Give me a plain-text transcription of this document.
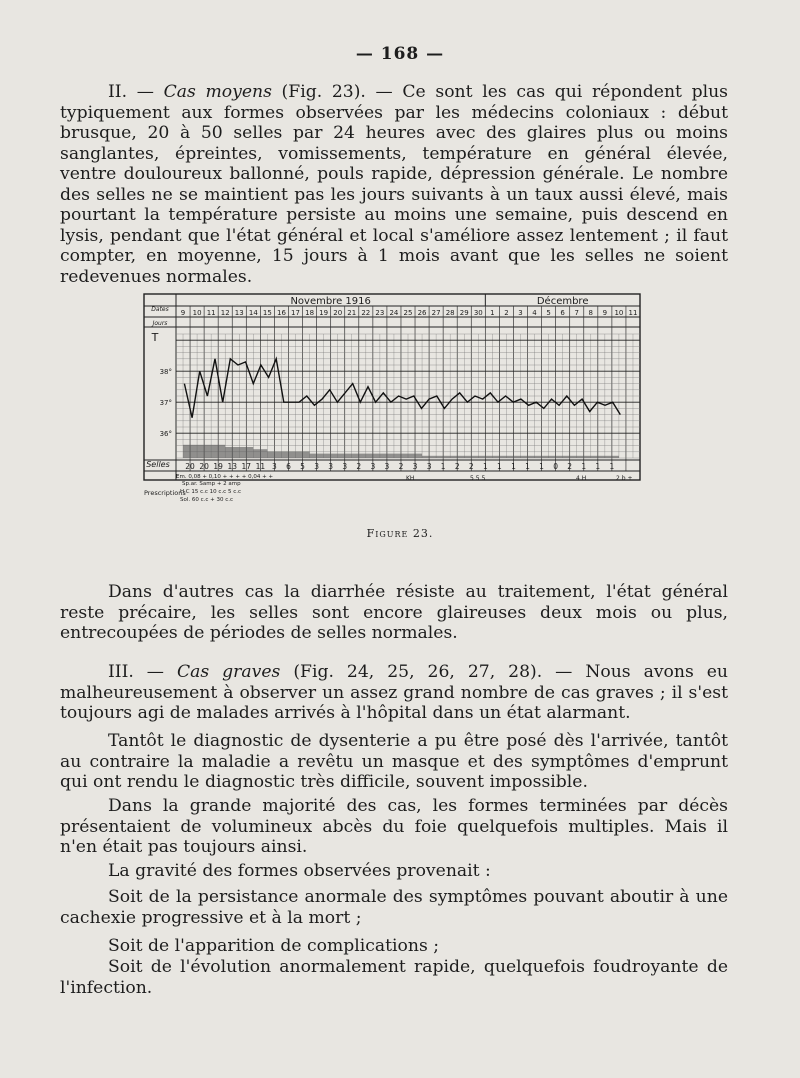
— 168 —

II. — Cas moyens (Fig. 23). — Ce sont les cas qui répondent plus typiquement aux formes observées par les médecins coloniaux : début brusque, 20 à 50 selles par 24 heures avec des glaires plus ou moins sanglantes, épreintes, vomissements, température en général élevée, ventre douloureux ballonné, pouls rapide, dépression générale. Le nombre des selles ne se maintient pas les jours suivants à un taux aussi élevé, mais pourtant la température persiste au moins une semaine, puis descend en lysis, pendant que l'état général et local s'améliore assez lentement ; il faut compter, en moyenne, 15 jours à 1 mois avant que les selles ne soient redevenues normales.

Novembre 1916	Décembre
Dates
Jours
T
Selles
9 10 11 12 13 14 15 16 17 18 19 20 21 22 23 24 25 26 27 28 29 30 1 2 3 4 5 6 7 8 9 10 11
38°
37°
36°
20 20 19 13 17 11 3 6 5 3 3 3 2 3 3 2 3 3 1 2 2 1 1 1 1 1 0 2 1 1 1
Prescriptions
Em. 0,08 + 0,10 + + + + 0,04 + +
Sp.ar. Samp + 2 amp
H.C 15 c.c 10 c.c 5 c.c
Sol. 60 c.c + 30 c.c
KH	5 5 5	4 H	2 b +
Figure 23.

Dans d'autres cas la diarrhée résiste au traitement, l'état général reste précaire, les selles sont encore glaireuses deux mois ou plus, entrecoupées de périodes de selles normales.

III. — Cas graves (Fig. 24, 25, 26, 27, 28). — Nous avons eu malheureusement à observer un assez grand nombre de cas graves ; il s'est toujours agi de malades arrivés à l'hôpital dans un état alarmant.

Tantôt le diagnostic de dysenterie a pu être posé dès l'arrivée, tantôt au contraire la maladie a revêtu un masque et des symptômes d'emprunt qui ont rendu le diagnostic très difficile, souvent impossible.

Dans la grande majorité des cas, les formes terminées par décès présentaient de volumineux abcès du foie quelquefois multiples. Mais il n'en était pas toujours ainsi.

La gravité des formes observées provenait :

Soit de la persistance anormale des symptômes pouvant aboutir à une cachexie progressive et à la mort ;

Soit de l'apparition de complications ;

Soit de l'évolution anormalement rapide, quelquefois foudroyante de l'infection.
